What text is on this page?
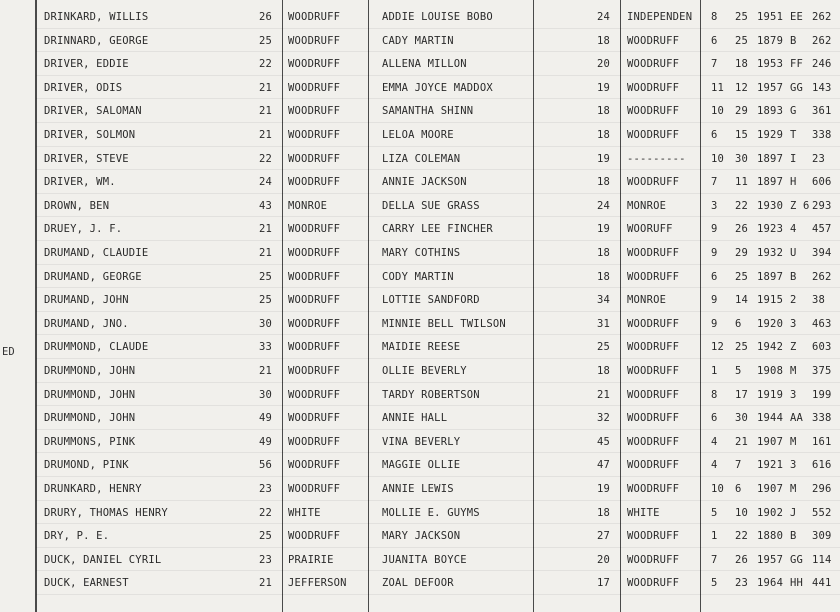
ED
DRINKARD, WILLIS	26 WOODRUFF	ADDIE LOUISE BOBO	24 INDEPENDEN 8 25 1951 EE 262
DRINNARD, GEORGE	25 WOODRUFF	CADY MARTIN	18 WOODRUFF	6 25 1879 B 262
DRIVER, EDDIE	22 WOODRUFF	ALLENA MILLON	20 WOODRUFF	7 18 1953 FF 246
DRIVER, ODIS	21 WOODRUFF	EMMA JOYCE MADDOX	19 WOODRUFF	11 12 1957 GG 143
DRIVER, SALOMAN	21 WOODRUFF	SAMANTHA SHINN	18 WOODRUFF	10 29 1893 G 361
DRIVER, SOLMON	21 WOODRUFF	LELOA MOORE	18 WOODRUFF	6 15 1929 T 338
DRIVER, STEVE	22 WOODRUFF	LIZA COLEMAN	19 --------- 10 30 1897 I 23
DRIVER, WM.	24 WOODRUFF	ANNIE JACKSON	18 WOODRUFF	7 11 1897 H 606
DROWN, BEN	43 MONROE	DELLA SUE GRASS	24 MONROE	3 22 1930 Z 6 293
DRUEY, J. F.	21 WOODRUFF	CARRY LEE FINCHER	19 WOORUFF	9 26 1923 4 457
DRUMAND, CLAUDIE	21 WOODRUFF	MARY COTHINS	18 WOODRUFF	9 29 1932 U 394
DRUMAND, GEORGE	25 WOODRUFF	CODY MARTIN	18 WOODRUFF	6 25 1897 B 262
DRUMAND, JOHN	25 WOODRUFF	LOTTIE SANDFORD	34 MONROE	9 14 1915 2 38
DRUMAND, JNO.	30 WOODRUFF	MINNIE BELL TWILSON	31 WOODRUFF	9 6 1920 3 463
DRUMMOND, CLAUDE	33 WOODRUFF	MAIDIE REESE	25 WOODRUFF	12 25 1942 Z 603
DRUMMOND, JOHN	21 WOODRUFF	OLLIE BEVERLY	18 WOODRUFF	1 5 1908 M 375
DRUMMOND, JOHN	30 WOODRUFF	TARDY ROBERTSON	21 WOODRUFF	8 17 1919 3 199
DRUMMOND, JOHN	49 WOODRUFF	ANNIE HALL	32 WOODRUFF	6 30 1944 AA 338
DRUMMONS, PINK	49 WOODRUFF	VINA BEVERLY	45 WOODRUFF	4 21 1907 M 161
DRUMOND, PINK	56 WOODRUFF	MAGGIE OLLIE	47 WOODRUFF	4 7 1921 3 616
DRUNKARD, HENRY	23 WOODRUFF	ANNIE LEWIS	19 WOODRUFF	10 6 1907 M 296
DRURY, THOMAS HENRY	22 WHITE	MOLLIE E. GUYMS	18 WHITE	5 10 1902 J 552
DRY, P. E.	25 WOODRUFF	MARY JACKSON	27 WOODRUFF	1 22 1880 B 309
DUCK, DANIEL CYRIL	23 PRAIRIE	JUANITA BOYCE	20 WOODRUFF	7 26 1957 GG 114
DUCK, EARNEST	21 JEFFERSON	ZOAL DEFOOR	17 WOODRUFF	5 23 1964 HH 441
